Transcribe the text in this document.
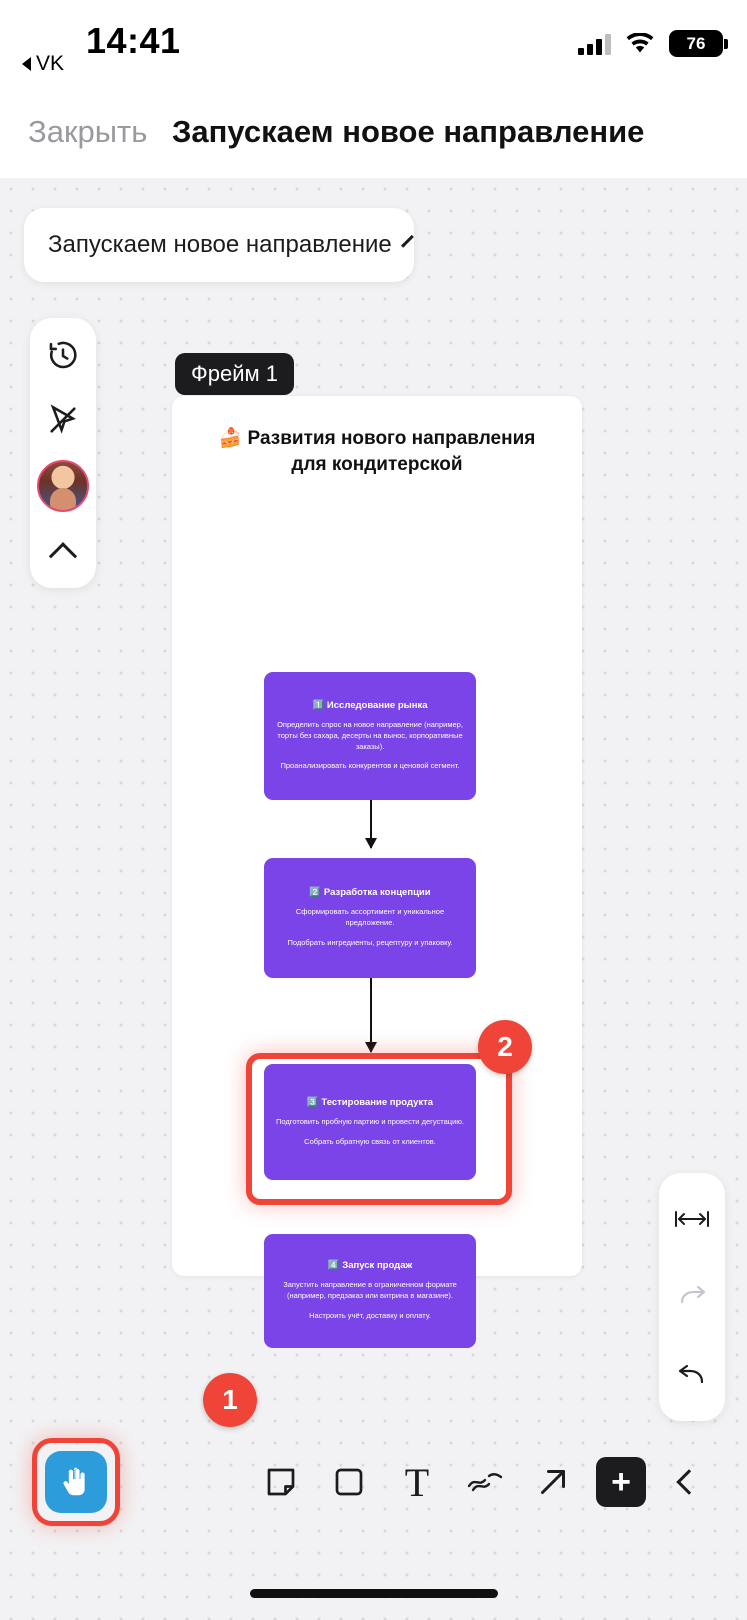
14:41
VK
76
Закрыть Запускаем новое направление
Запускаем новое направление
Фрейм 1
🍰 Развития нового направления для кондитерской
1️⃣ Исследование рынка
Определить спрос на новое направление (например, торты без сахара, десерты на вынос, корпоративные заказы).
Проанализировать конкурентов и ценовой сегмент.
2️⃣ Разработка концепции
Сформировать ассортимент и уникальное предложение.
Подобрать ингредиенты, рецептуру и упаковку.
3️⃣ Тестирование продукта
Подготовить пробную партию и провести дегустацию.
Собрать обратную связь от клиентов.
4️⃣ Запуск продаж
Запустить направление в ограниченном формате (например, предзаказ или витрина в магазине).
Настроить учёт, доставку и оплату.
2
1
T	+
